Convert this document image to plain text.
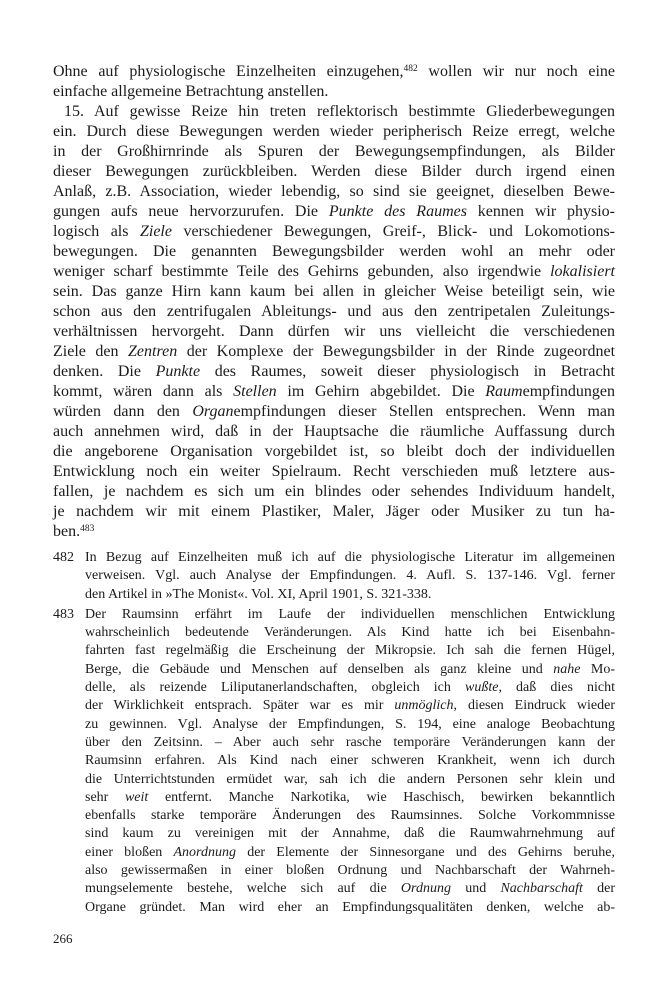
Ohne auf physiologische Einzelheiten einzugehen,$^{482}$ wollen wir nur noch eine
einfache allgemeine Betrachtung anstellen.
15. Auf gewisse Reize hin treten reflektorisch bestimmte Gliederbewegungen
ein. Durch diese Bewegungen werden wieder peripherisch Reize erregt, welche
in der Großhirnrinde als Spuren der Bewegungsempfindungen, als Bilder
dieser Bewegungen zurückbleiben. Werden diese Bilder durch irgend einen
Anlaß, z.B. Association, wieder lebendig, so sind sie geeignet, dieselben Bewe-
gungen aufs neue hervorzurufen. Die Punkte des Raumes kennen wir physio-
logisch als Ziele verschiedener Bewegungen, Greif-, Blick- und Lokomotions-
bewegungen. Die genannten Bewegungsbilder werden wohl an mehr oder
weniger scharf bestimmte Teile des Gehirns gebunden, also irgendwie lokalisiert
sein. Das ganze Hirn kann kaum bei allen in gleicher Weise beteiligt sein, wie
schon aus den zentrifugalen Ableitungs- und aus den zentripetalen Zuleitungs-
verhältnissen hervorgeht. Dann dürfen wir uns vielleicht die verschiedenen
Ziele den Zentren der Komplexe der Bewegungsbilder in der Rinde zugeordnet
denken. Die Punkte des Raumes, soweit dieser physiologisch in Betracht
kommt, wären dann als Stellen im Gehirn abgebildet. Die Raumempfindungen
würden dann den Organempfindungen dieser Stellen entsprechen. Wenn man
auch annehmen wird, daß in der Hauptsache die räumliche Auffassung durch
die angeborene Organisation vorgebildet ist, so bleibt doch der individuellen
Entwicklung noch ein weiter Spielraum. Recht verschieden muß letztere aus-
fallen, je nachdem es sich um ein blindes oder sehendes Individuum handelt,
je nachdem wir mit einem Plastiker, Maler, Jäger oder Musiker zu tun ha-
ben.$^{483}$
482 In Bezug auf Einzelheiten muß ich auf die physiologische Literatur im allgemeinen
verweisen. Vgl. auch Analyse der Empfindungen. 4. Aufl. S. 137-146. Vgl. ferner
den Artikel in »The Monist«. Vol. XI, April 1901, S. 321-338.
483 Der Raumsinn erfährt im Laufe der individuellen menschlichen Entwicklung
wahrscheinlich bedeutende Veränderungen. Als Kind hatte ich bei Eisenbahn-
fahrten fast regelmäßig die Erscheinung der Mikropsie. Ich sah die fernen Hügel,
Berge, die Gebäude und Menschen auf denselben als ganz kleine und nahe Mo-
delle, als reizende Liliputanerlandschaften, obgleich ich wußte, daß dies nicht
der Wirklichkeit entsprach. Später war es mir unmöglich, diesen Eindruck wieder
zu gewinnen. Vgl. Analyse der Empfindungen, S. 194, eine analoge Beobachtung
über den Zeitsinn. – Aber auch sehr rasche temporäre Veränderungen kann der
Raumsinn erfahren. Als Kind nach einer schweren Krankheit, wenn ich durch
die Unterrichtstunden ermüdet war, sah ich die andern Personen sehr klein und
sehr weit entfernt. Manche Narkotika, wie Haschisch, bewirken bekanntlich
ebenfalls starke temporäre Änderungen des Raumsinnes. Solche Vorkommnisse
sind kaum zu vereinigen mit der Annahme, daß die Raumwahrnehmung auf
einer bloßen Anordnung der Elemente der Sinnesorgane und des Gehirns beruhe,
also gewissermaßen in einer bloßen Ordnung und Nachbarschaft der Wahrneh-
mungselemente bestehe, welche sich auf die Ordnung und Nachbarschaft der
Organe gründet. Man wird eher an Empfindungsqualitäten denken, welche ab-
266
